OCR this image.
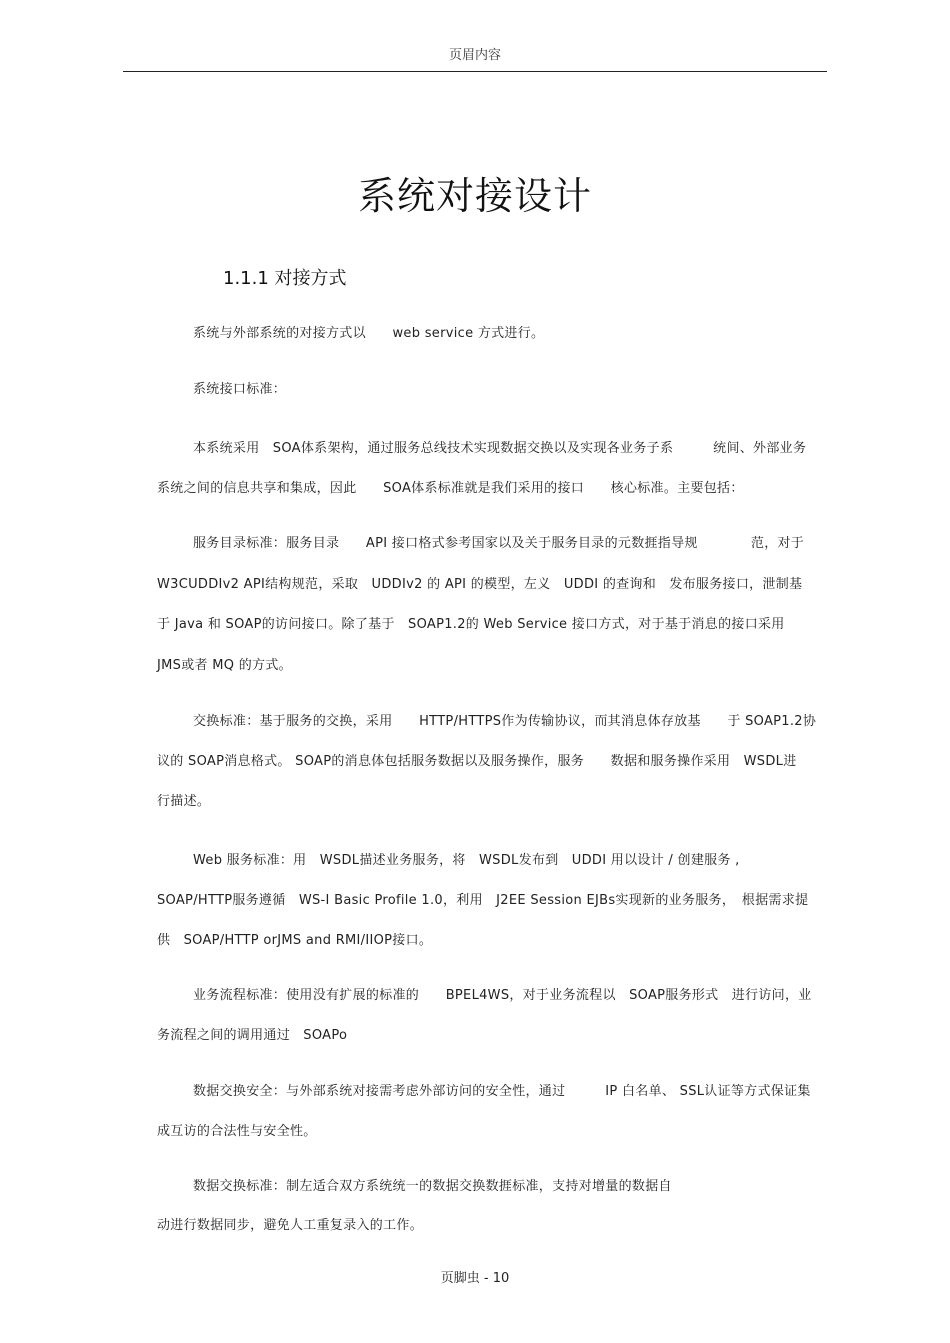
页眉内容
系统对接设计
1.1.1 对接方式
系统与外部系统的对接方式以　　web service 方式进行。
系统接口标准：
本系统采用　SOA体系架构，通过服务总线技术实现数据交换以及实现各业务子系　　　统间、外部业务
系统之间的信息共享和集成，因此　　SOA体系标准就是我们采用的接口　　核心标准。主要包括：
服务目录标准：服务目录　　API 接口格式参考国家以及关于服务目录的元数捱指导规　　　　范，对于
W3CUDDIv2 API结构规范，采取　UDDIv2 的 API 的模型，左义　UDDI 的查询和　发布服务接口，泄制基
于 Java 和 SOAP的访问接口。除了基于　SOAP1.2的 Web Service 接口方式，对于基于消息的接口采用
JMS或者 MQ 的方式。
交换标准：基于服务的交换，采用　　HTTP/HTTPS作为传输协议，而其消息体存放基　　于 SOAP1.2协
议的 SOAP消息格式。 SOAP的消息体包括服务数据以及服务操作，服务　　数据和服务操作采用　WSDL进
行描述。
Web 服务标准：用　WSDL描述业务服务，将　WSDL发布到　UDDI 用以设计 / 创建服务 ,
SOAP/HTTP服务遵循　WS-I Basic Profile 1.0，利用　J2EE Session EJBs实现新的业务服务，　根据需求提
供　SOAP/HTTP orJMS and RMI/IIOP接口。
业务流程标准：使用没有扩展的标准的　　BPEL4WS，对于业务流程以　SOAP服务形式　进行访问，业
务流程之间的调用通过　SOAPo
数据交换安全：与外部系统对接需考虑外部访问的安全性，通过　　　IP 白名单、 SSL认证等方式保证集
成互访的合法性与安全性。
数据交换标准：制左适合双方系统统一的数据交换数捱标准，支持对增量的数据自
动进行数据同步，避免人工重复录入的工作。
页脚虫 - 10
